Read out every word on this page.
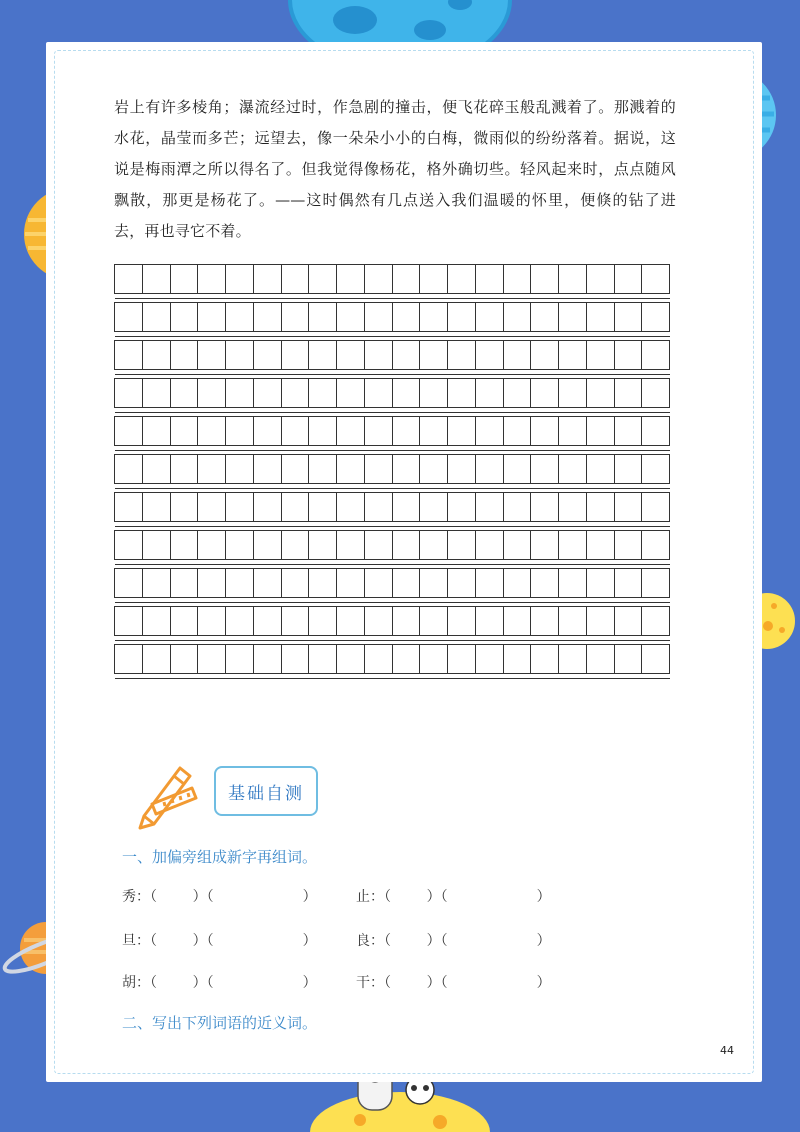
岩上有许多棱角；瀑流经过时，作急剧的撞击，便飞花碎玉般乱溅着了。那溅着的水花，晶莹而多芒；远望去，像一朵朵小小的白梅，微雨似的纷纷落着。据说，这说是梅雨潭之所以得名了。但我觉得像杨花，格外确切些。轻风起来时，点点随风飘散，那更是杨花了。——这时偶然有几点送入我们温暖的怀里，便倏的钻了进去，再也寻它不着。

基础自测
一、加偏旁组成新字再组词。
秀：（        ）（                    ）	止：（        ）（                    ）
旦：（        ）（                    ）	良：（        ）（                    ）
胡：（        ）（                    ）	干：（        ）（                    ）
二、写出下列词语的近义词。
44
